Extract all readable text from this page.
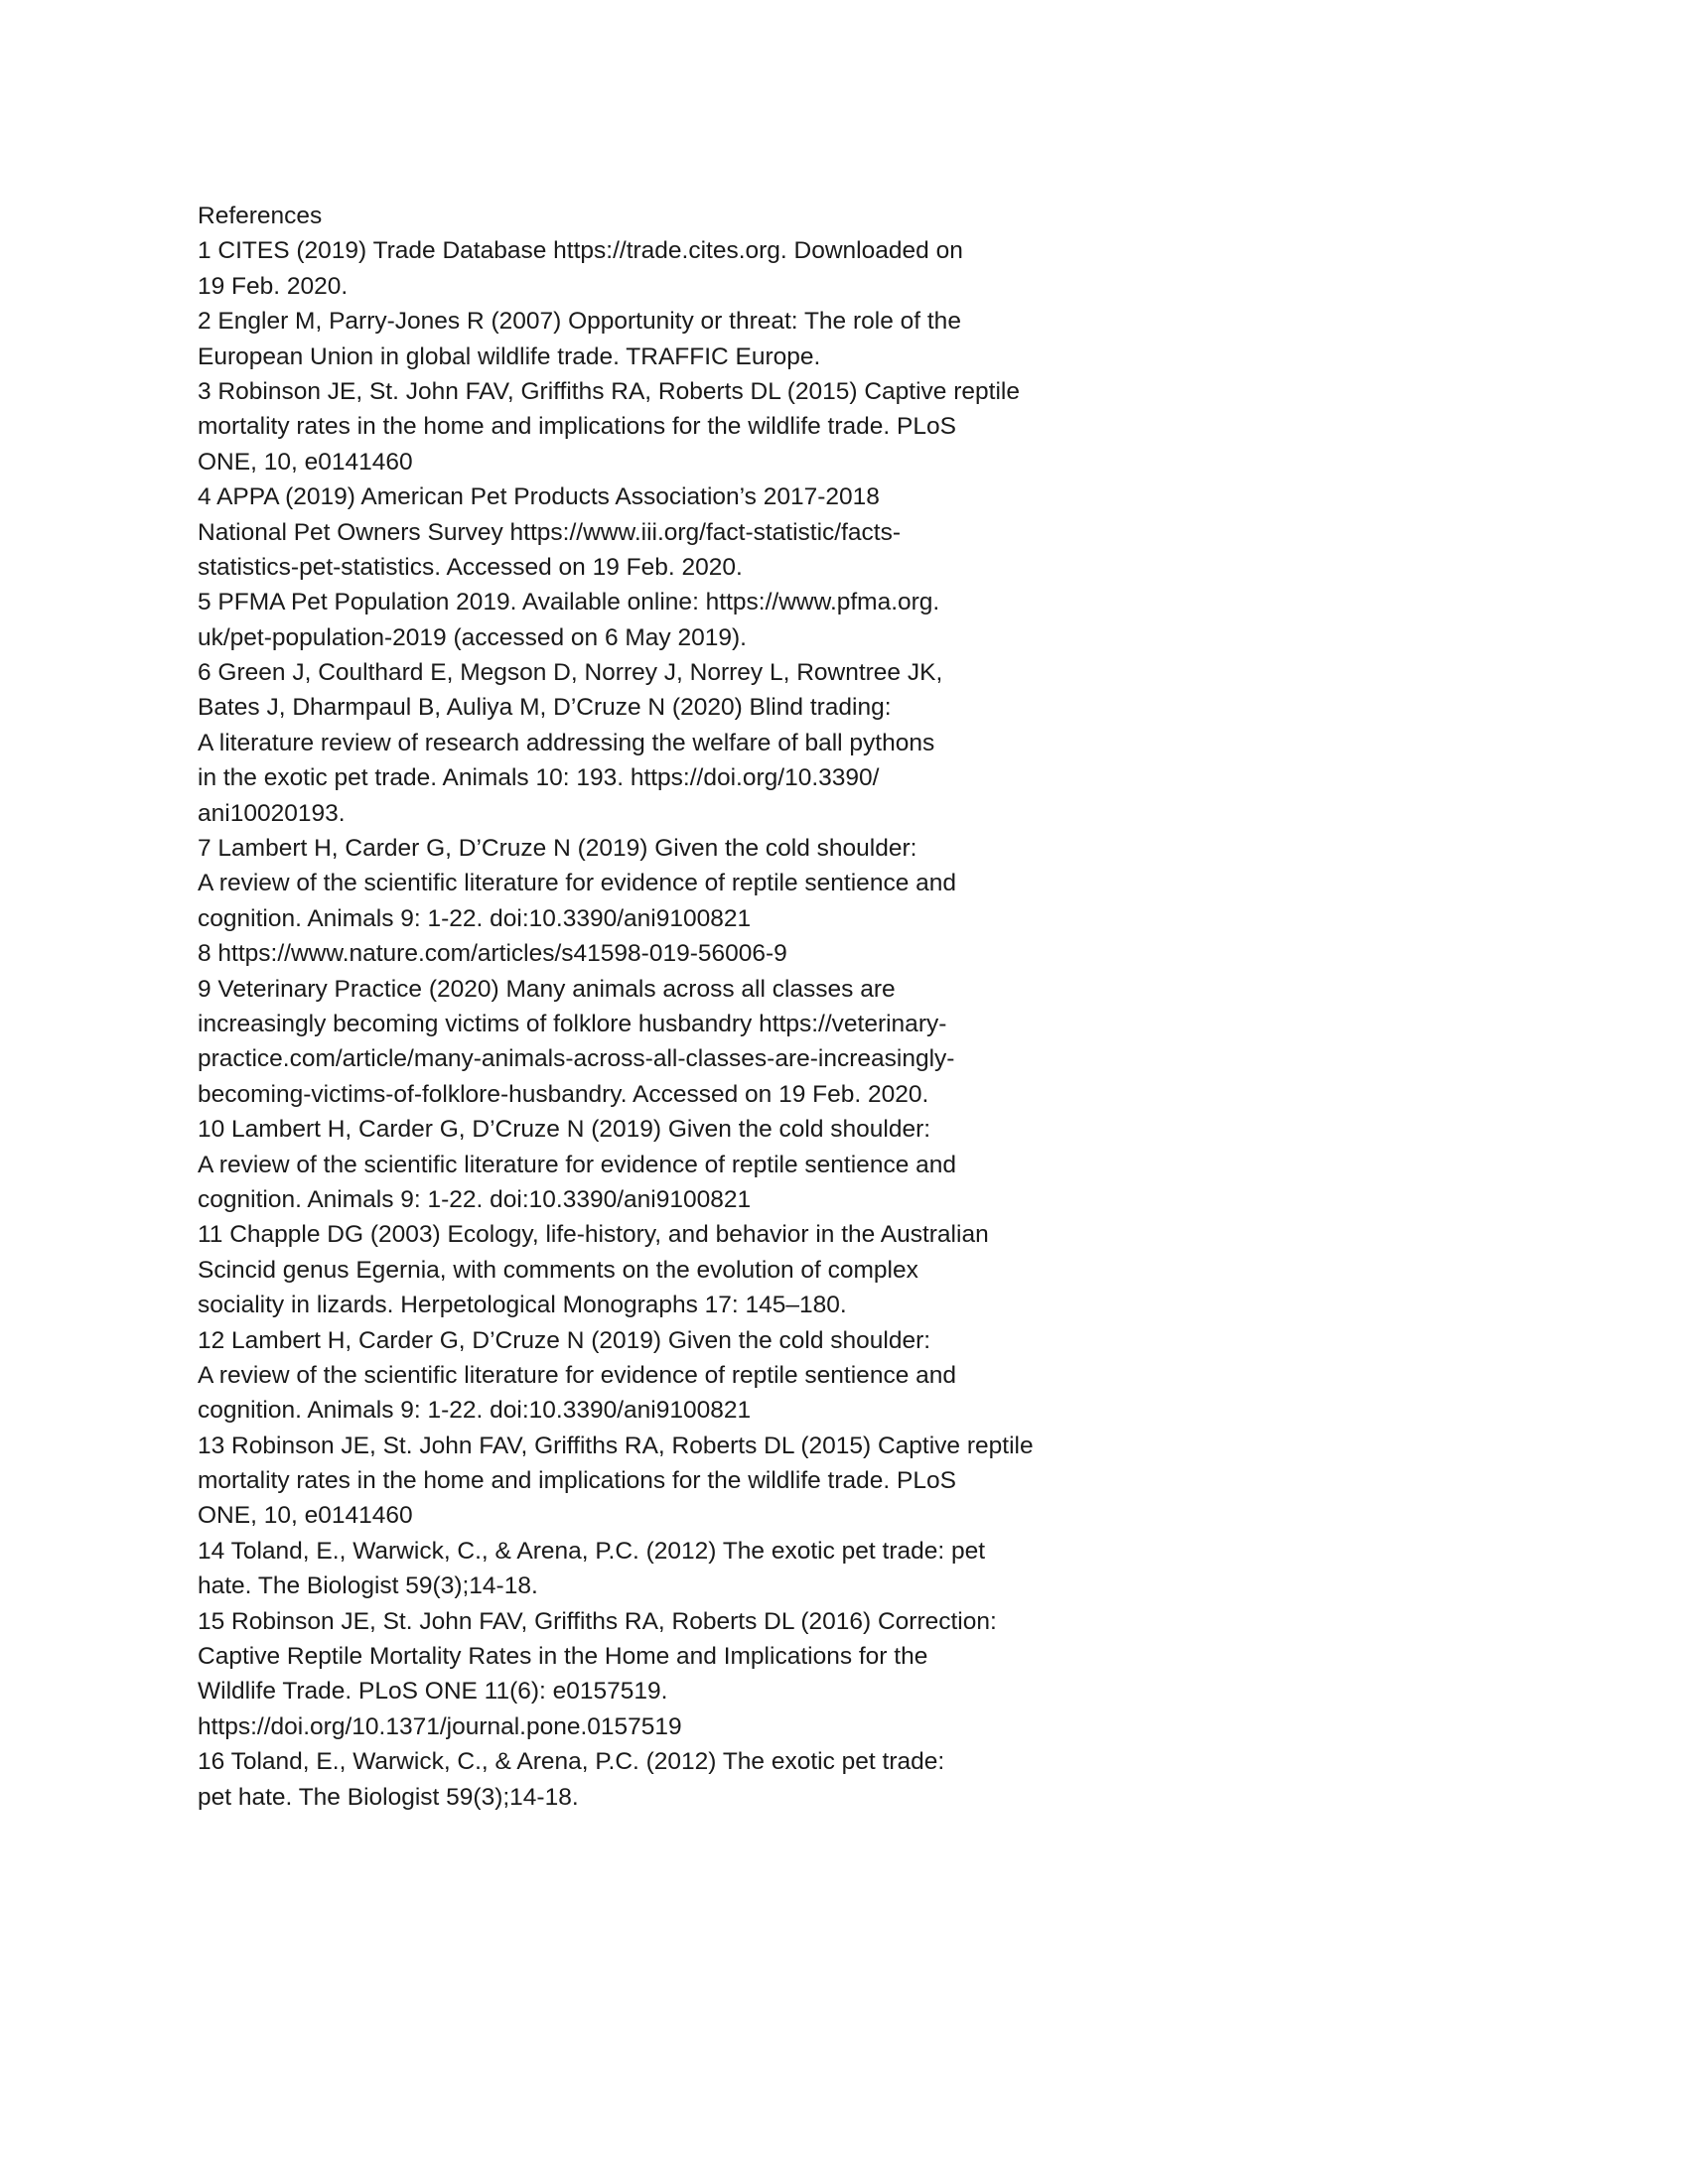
References
1 CITES (2019) Trade Database https://trade.cites.org. Downloaded on
19 Feb. 2020.
2 Engler M, Parry-Jones R (2007) Opportunity or threat: The role of the
European Union in global wildlife trade. TRAFFIC Europe.
3 Robinson JE, St. John FAV, Griffiths RA, Roberts DL (2015) Captive reptile
mortality rates in the home and implications for the wildlife trade. PLoS
ONE, 10, e0141460
4 APPA (2019) American Pet Products Association’s 2017-2018
National Pet Owners Survey https://www.iii.org/fact-statistic/facts-
statistics-pet-statistics. Accessed on 19 Feb. 2020.
5 PFMA Pet Population 2019. Available online: https://www.pfma.org.
uk/pet-population-2019 (accessed on 6 May 2019).
6 Green J, Coulthard E, Megson D, Norrey J, Norrey L, Rowntree JK,
Bates J, Dharmpaul B, Auliya M, D’Cruze N (2020) Blind trading:
A literature review of research addressing the welfare of ball pythons
in the exotic pet trade. Animals 10: 193. https://doi.org/10.3390/
ani10020193.
7 Lambert H, Carder G, D’Cruze N (2019) Given the cold shoulder:
A review of the scientific literature for evidence of reptile sentience and
cognition. Animals 9: 1-22. doi:10.3390/ani9100821
8 https://www.nature.com/articles/s41598-019-56006-9
9 Veterinary Practice (2020) Many animals across all classes are
increasingly becoming victims of folklore husbandry https://veterinary-
practice.com/article/many-animals-across-all-classes-are-increasingly-
becoming-victims-of-folklore-husbandry. Accessed on 19 Feb. 2020.
10 Lambert H, Carder G, D’Cruze N (2019) Given the cold shoulder:
A review of the scientific literature for evidence of reptile sentience and
cognition. Animals 9: 1-22. doi:10.3390/ani9100821
11 Chapple DG (2003) Ecology, life-history, and behavior in the Australian
Scincid genus Egernia, with comments on the evolution of complex
sociality in lizards. Herpetological Monographs 17: 145–180.
12 Lambert H, Carder G, D’Cruze N (2019) Given the cold shoulder:
A review of the scientific literature for evidence of reptile sentience and
cognition. Animals 9: 1-22. doi:10.3390/ani9100821
13 Robinson JE, St. John FAV, Griffiths RA, Roberts DL (2015) Captive reptile
mortality rates in the home and implications for the wildlife trade. PLoS
ONE, 10, e0141460
14 Toland, E., Warwick, C., & Arena, P.C. (2012) The exotic pet trade: pet
hate. The Biologist 59(3);14-18.
15 Robinson JE, St. John FAV, Griffiths RA, Roberts DL (2016) Correction:
Captive Reptile Mortality Rates in the Home and Implications for the
Wildlife Trade. PLoS ONE 11(6): e0157519.
https://doi.org/10.1371/journal.pone.0157519
16 Toland, E., Warwick, C., & Arena, P.C. (2012) The exotic pet trade:
pet hate. The Biologist 59(3);14-18.
